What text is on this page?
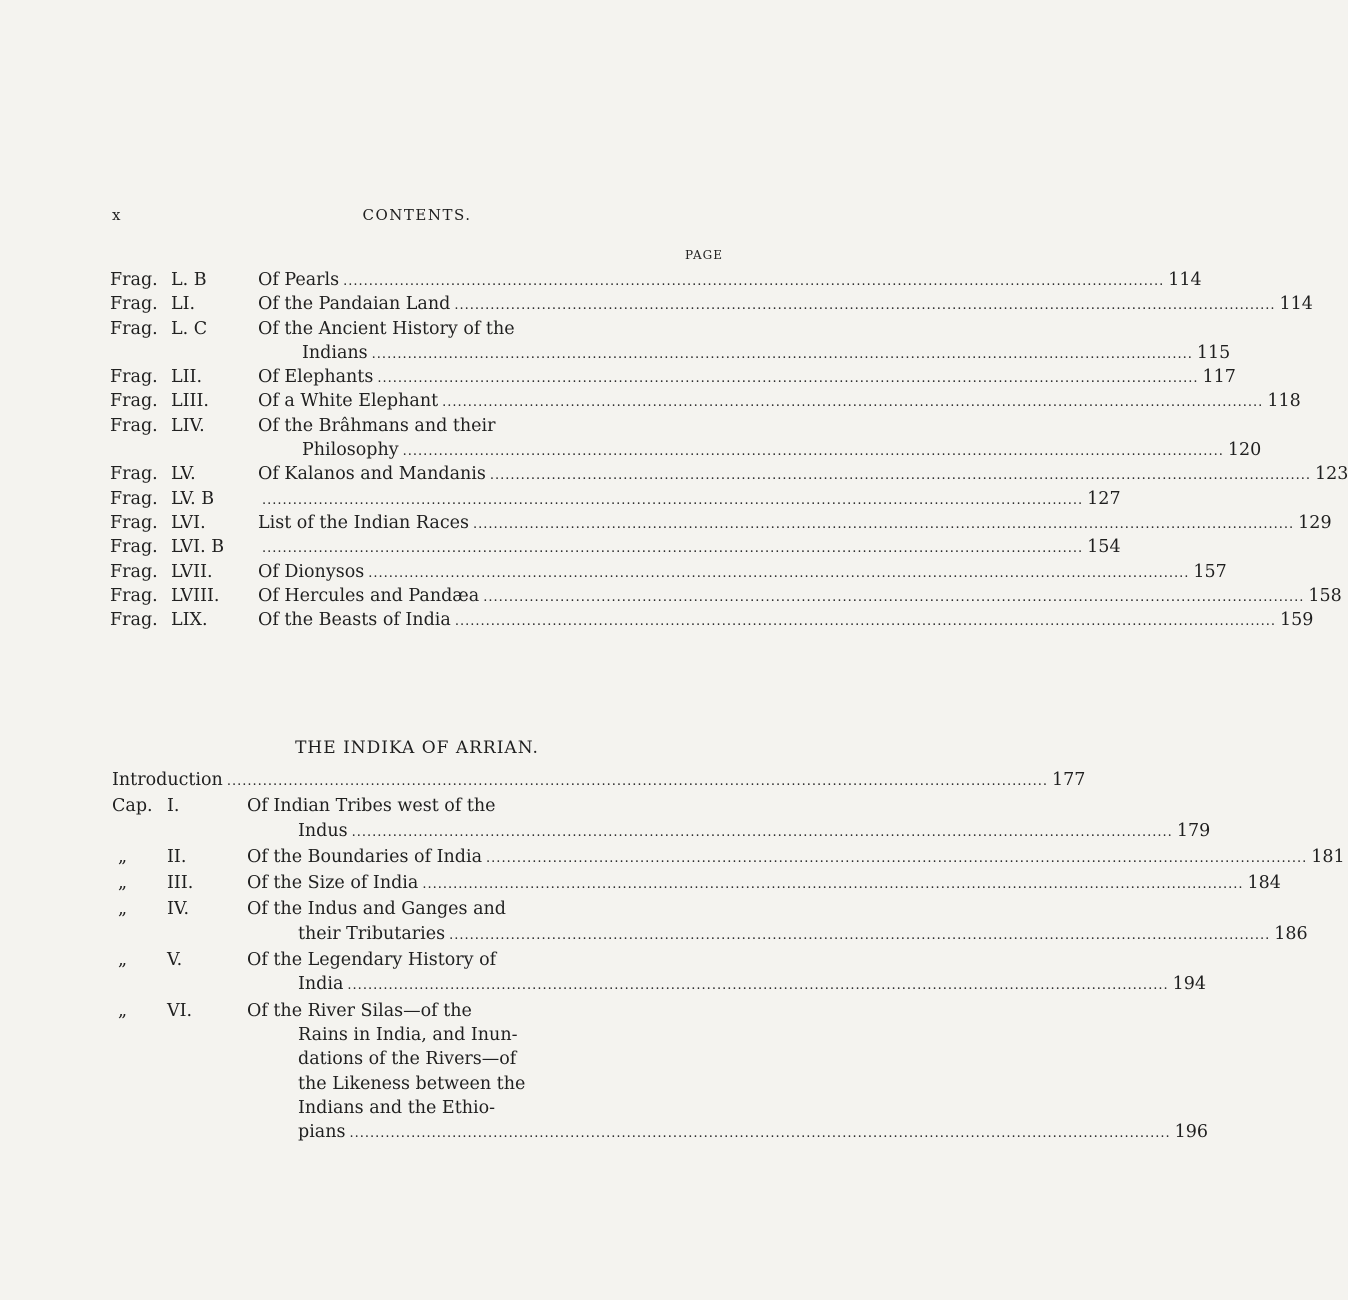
x	CONTENTS.
PAGE
Frag. L. B	Of Pearls .....	114
Frag. LI.	Of the Pandaian Land .....	114
Frag. L. C	Of the Ancient History of the
Indians .....	115
Frag. LII.	Of Elephants .....	117
Frag. LIII.	Of a White Elephant .....	118
Frag. LIV.	Of the Brâhmans and their
Philosophy .....	120
Frag. LV.	Of Kalanos and Mandanis .....	123
Frag. LV. B .....	127
Frag. LVI.	List of the Indian Races .....	129
Frag. LVI. B .....	154
Frag. LVII.	Of Dionysos .....	157
Frag. LVIII.	Of Hercules and Pandæa .....	158
Frag. LIX.	Of the Beasts of India .....	159
THE INDIKA OF ARRIAN.
Introduction .....	177
Cap. I.	Of Indian Tribes west of the
Indus .....	179
„	II.	Of the Boundaries of India .....	181
„	III.	Of the Size of India .....	184
„	IV.	Of the Indus and Ganges and
their Tributaries .....	186
„	V.	Of the Legendary History of
India .....	194
„	VI.	Of the River Silas—of the
Rains in India, and Inun-
dations of the Rivers—of
the Likeness between the
Indians and the Ethio-
pians .....	196
